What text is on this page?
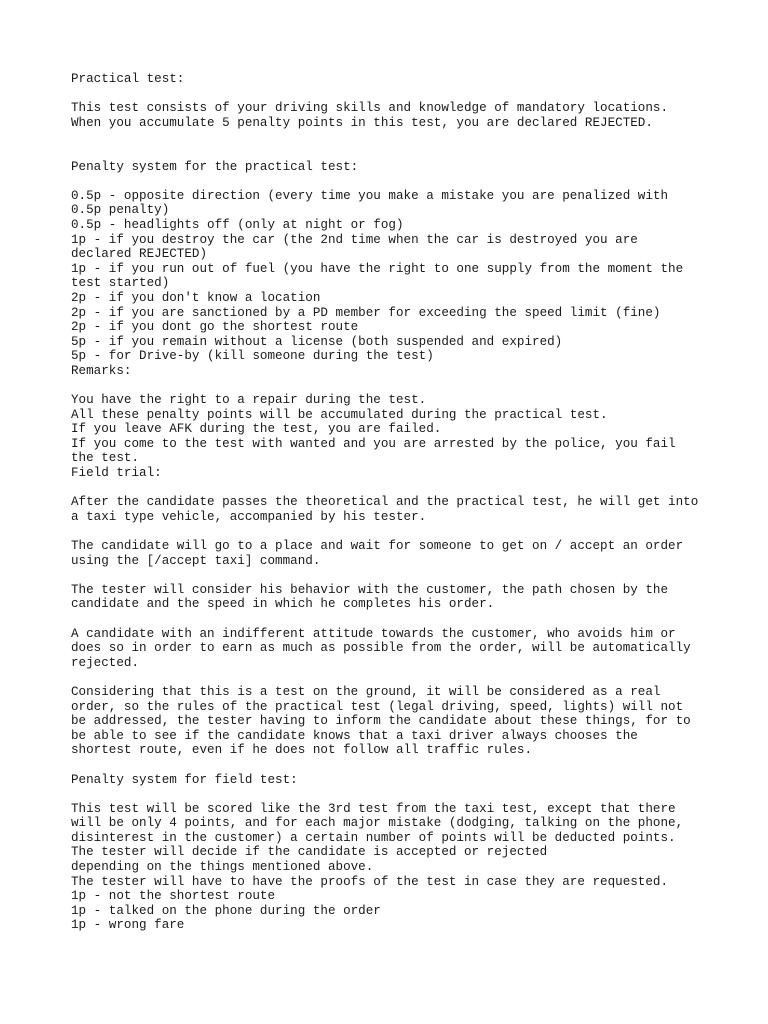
Practical test:
This test consists of your driving skills and knowledge of mandatory locations.
When you accumulate 5 penalty points in this test, you are declared REJECTED.
Penalty system for the practical test:
0.5p - opposite direction (every time you make a mistake you are penalized with
0.5p penalty)
0.5p - headlights off (only at night or fog)
1p - if you destroy the car (the 2nd time when the car is destroyed you are
declared REJECTED)
1p - if you run out of fuel (you have the right to one supply from the moment the
test started)
2p - if you don't know a location
2p - if you are sanctioned by a PD member for exceeding the speed limit (fine)
2p - if you dont go the shortest route
5p - if you remain without a license (both suspended and expired)
5p - for Drive-by (kill someone during the test)
Remarks:
You have the right to a repair during the test.
All these penalty points will be accumulated during the practical test.
If you leave AFK during the test, you are failed.
If you come to the test with wanted and you are arrested by the police, you fail
the test.
Field trial:
After the candidate passes the theoretical and the practical test, he will get into
a taxi type vehicle, accompanied by his tester.
The candidate will go to a place and wait for someone to get on / accept an order
using the [/accept taxi] command.
The tester will consider his behavior with the customer, the path chosen by the
candidate and the speed in which he completes his order.
A candidate with an indifferent attitude towards the customer, who avoids him or
does so in order to earn as much as possible from the order, will be automatically
rejected.
Considering that this is a test on the ground, it will be considered as a real
order, so the rules of the practical test (legal driving, speed, lights) will not
be addressed, the tester having to inform the candidate about these things, for to
be able to see if the candidate knows that a taxi driver always chooses the
shortest route, even if he does not follow all traffic rules.
Penalty system for field test:
This test will be scored like the 3rd test from the taxi test, except that there
will be only 4 points, and for each major mistake (dodging, talking on the phone,
disinterest in the customer) a certain number of points will be deducted points.
The tester will decide if the candidate is accepted or rejected
depending on the things mentioned above.
The tester will have to have the proofs of the test in case they are requested.
1p - not the shortest route
1p - talked on the phone during the order
1p - wrong fare
